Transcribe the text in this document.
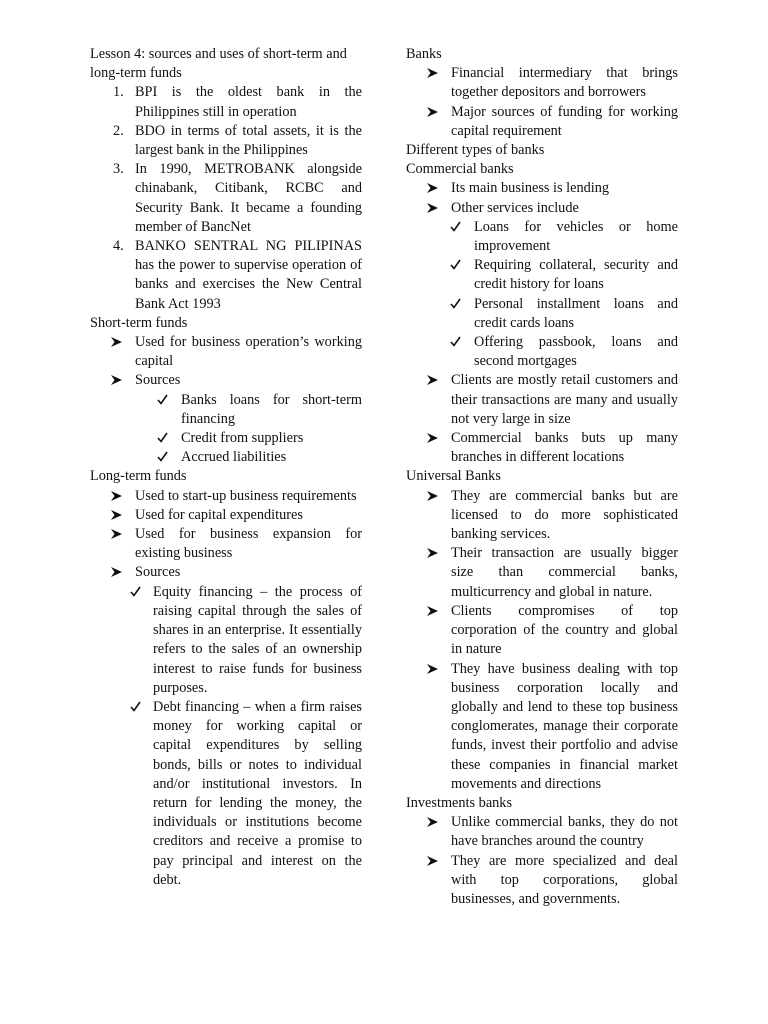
Lesson 4: sources and uses of short-term and long-term funds
1. BPI is the oldest bank in the Philippines still in operation
2. BDO in terms of total assets, it is the largest bank in the Philippines
3. In 1990, METROBANK alongside chinabank, Citibank, RCBC and Security Bank. It became a founding member of BancNet
4. BANKO SENTRAL NG PILIPINAS has the power to supervise operation of banks and exercises the New Central Bank Act 1993
Short-term funds
Used for business operation’s working capital
Sources
Banks loans for short-term financing
Credit from suppliers
Accrued liabilities
Long-term funds
Used to start-up business requirements
Used for capital expenditures
Used for business expansion for existing business
Sources
Equity financing – the process of raising capital through the sales of shares in an enterprise. It essentially refers to the sales of an ownership interest to raise funds for business purposes.
Debt financing – when a firm raises money for working capital or capital expenditures by selling bonds, bills or notes to individual and/or institutional investors. In return for lending the money, the individuals or institutions become creditors and receive a promise to pay principal and interest on the debt.
Banks
Financial intermediary that brings together depositors and borrowers
Major sources of funding for working capital requirement
Different types of banks
Commercial banks
Its main business is lending
Other services include
Loans for vehicles or home improvement
Requiring collateral, security and credit history for loans
Personal installment loans and credit cards loans
Offering passbook, loans and second mortgages
Clients are mostly retail customers and their transactions are many and usually not very large in size
Commercial banks buts up many branches in different locations
Universal Banks
They are commercial banks but are licensed to do more sophisticated banking services.
Their transaction are usually bigger size than commercial banks, multicurrency and global in nature.
Clients compromises of top corporation of the country and global in nature
They have business dealing with top business corporation locally and globally and lend to these top business conglomerates, manage their corporate funds, invest their portfolio and advise these companies in financial market movements and directions
Investments banks
Unlike commercial banks, they do not have branches around the country
They are more specialized and deal with top corporations, global businesses, and governments.
